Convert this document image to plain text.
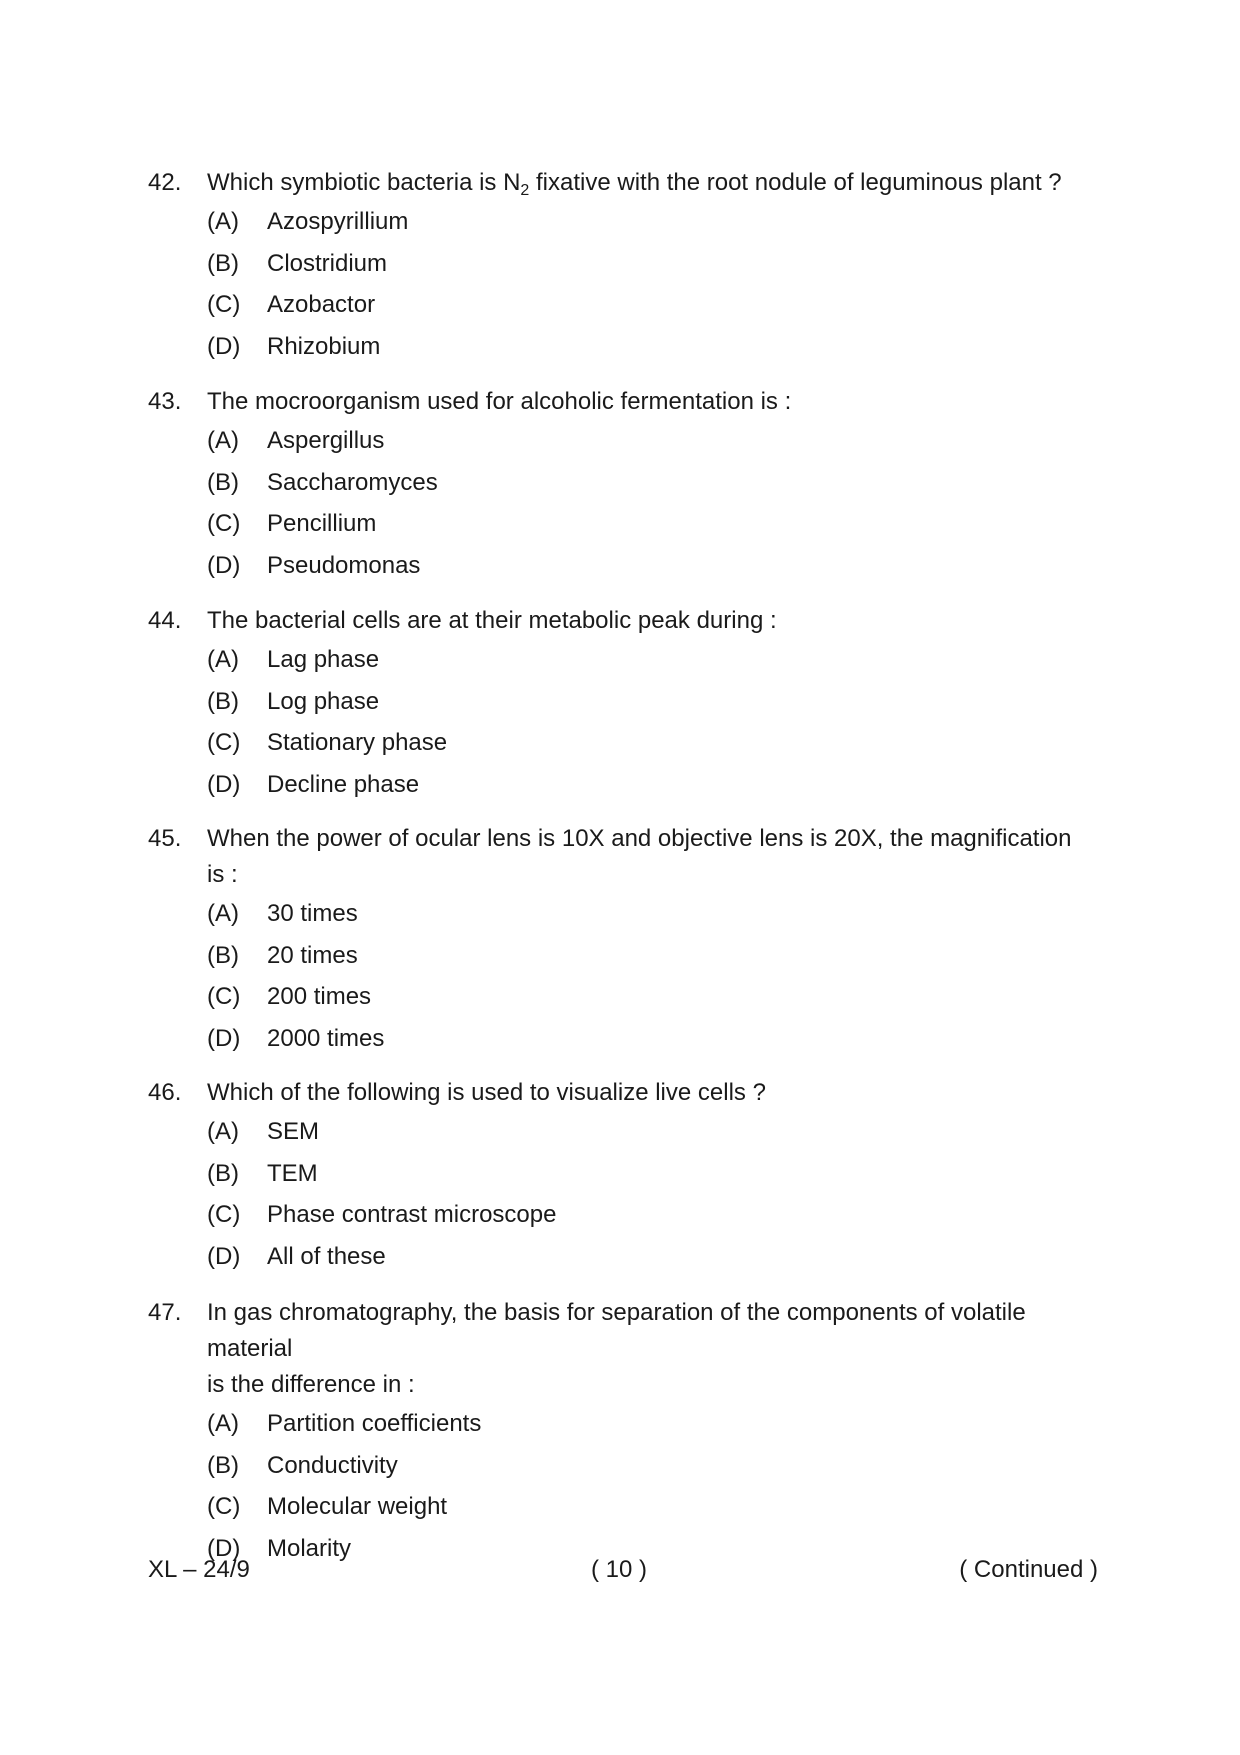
42.	Which symbiotic bacteria is $N_2$ fixative with the root nodule of leguminous plant ?
(A) Azospyrillium
(B) Clostridium
(C) Azobactor
(D) Rhizobium
43.	The mocroorganism used for alcoholic fermentation is :
(A) Aspergillus
(B) Saccharomyces
(C) Pencillium
(D) Pseudomonas
44.	The bacterial cells are at their metabolic peak during :
(A) Lag phase
(B) Log phase
(C) Stationary phase
(D) Decline phase
45.	When the power of ocular lens is 10X and objective lens is 20X, the magnification
is :
(A) 30 times
(B) 20 times
(C) 200 times
(D) 2000 times
46.	Which of the following is used to visualize live cells ?
(A) SEM
(B) TEM
(C) Phase contrast microscope
(D) All of these
47.	In gas chromatography, the basis for separation of the components of volatile material
is the difference in :
(A) Partition coefficients
(B) Conductivity
(C) Molecular weight
(D) Molarity
XL – 24/9	( 10 )	( Continued )
